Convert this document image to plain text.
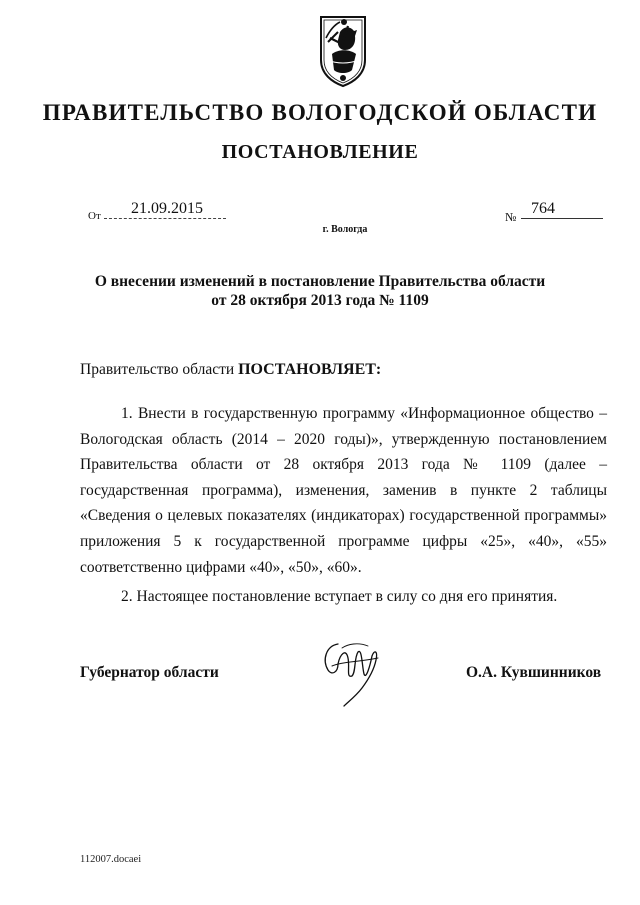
ПРАВИТЕЛЬСТВО ВОЛОГОДСКОЙ ОБЛАСТИ
ПОСТАНОВЛЕНИЕ
От	21.09.2015	№ 764
г. Вологда
О внесении изменений в постановление Правительства области
от 28 октября 2013 года № 1109
Правительство области ПОСТАНОВЛЯЕТ:
1. Внести в государственную программу «Информационное общество – Вологодская область (2014 – 2020 годы)», утвержденную постановлением Правительства области от 28 октября 2013 года № 1109 (далее – государственная программа), изменения, заменив в пункте 2 таблицы «Сведения о целевых показателях (индикаторах) государственной программы» приложения 5 к государственной программе цифры «25», «40», «55» соответственно цифрами «40», «50», «60».
2. Настоящее постановление вступает в силу со дня его принятия.
Губернатор области	О.А. Кувшинников
112007.docaei
